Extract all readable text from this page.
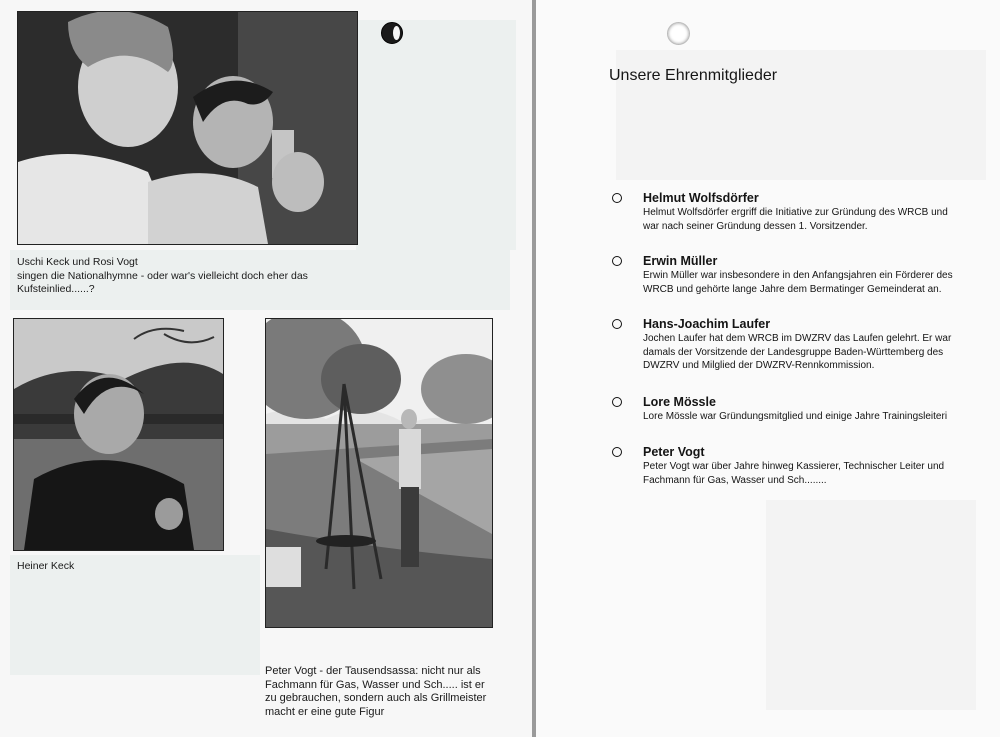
Uschi Keck und Rosi Vogt
singen die Nationalhymne - oder war's vielleicht doch eher das
Kufsteinlied......?
Heiner Keck
Peter Vogt - der Tausendsassa: nicht nur als
Fachmann für Gas, Wasser und Sch..... ist er
zu gebrauchen, sondern auch als Grillmeister
macht er eine gute Figur
Unsere Ehrenmitglieder
Helmut Wolfsdörfer
Helmut Wolfsdörfer ergriff die Initiative zur Gründung des WRCB und
war nach seiner Gründung dessen 1. Vorsitzender.
Erwin Müller
Erwin Müller war insbesondere in den Anfangsjahren ein Förderer des
WRCB und gehörte lange Jahre dem Bermatinger Gemeinderat an.
Hans-Joachim Laufer
Jochen Laufer hat dem WRCB im DWZRV das Laufen gelehrt. Er war
damals der Vorsitzende der Landesgruppe Baden-Württemberg des
DWZRV und Milglied der DWZRV-Rennkommission.
Lore Mössle
Lore Mössle war Gründungsmitglied und einige Jahre Trainingsleiteri
Peter Vogt
Peter Vogt war über Jahre hinweg Kassierer, Technischer Leiter und
Fachmann für Gas, Wasser und Sch........
